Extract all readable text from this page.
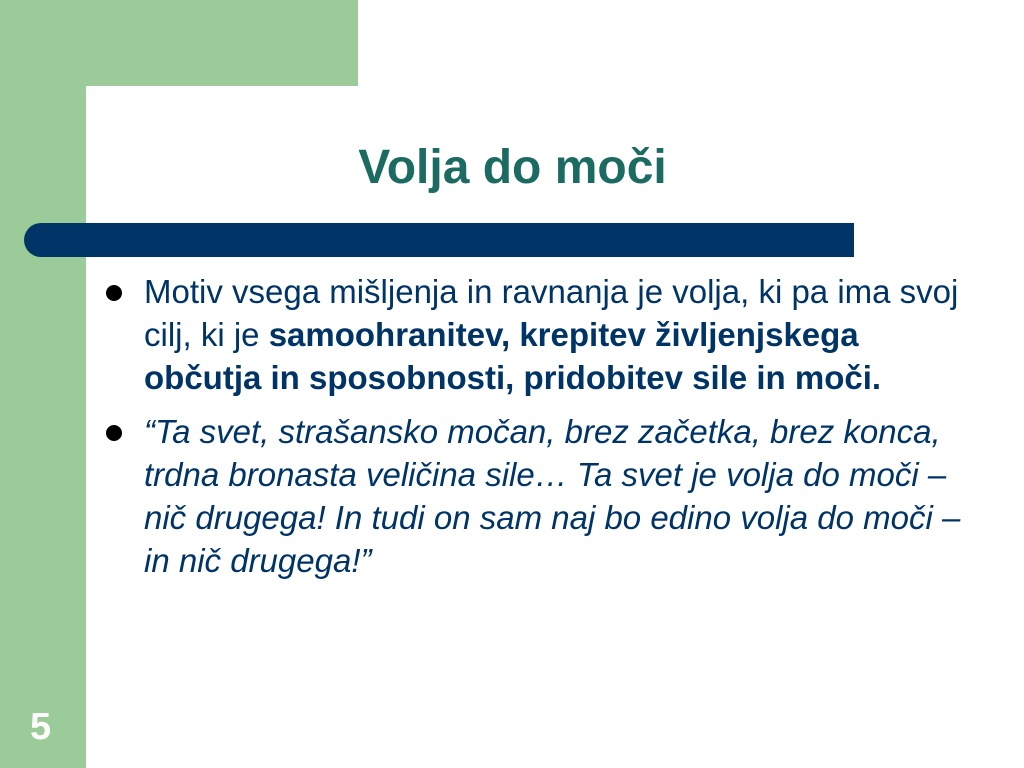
Volja do moči
Motiv vsega mišljenja in ravnanja je volja, ki pa ima svoj cilj, ki je samoohranitev, krepitev življenjskega občutja in sposobnosti, pridobitev sile in moči.
“Ta svet, strašansko močan, brez začetka, brez konca, trdna bronasta veličina sile… Ta svet je volja do moči – nič drugega! In tudi on sam naj bo edino volja do moči – in nič drugega!”
5
